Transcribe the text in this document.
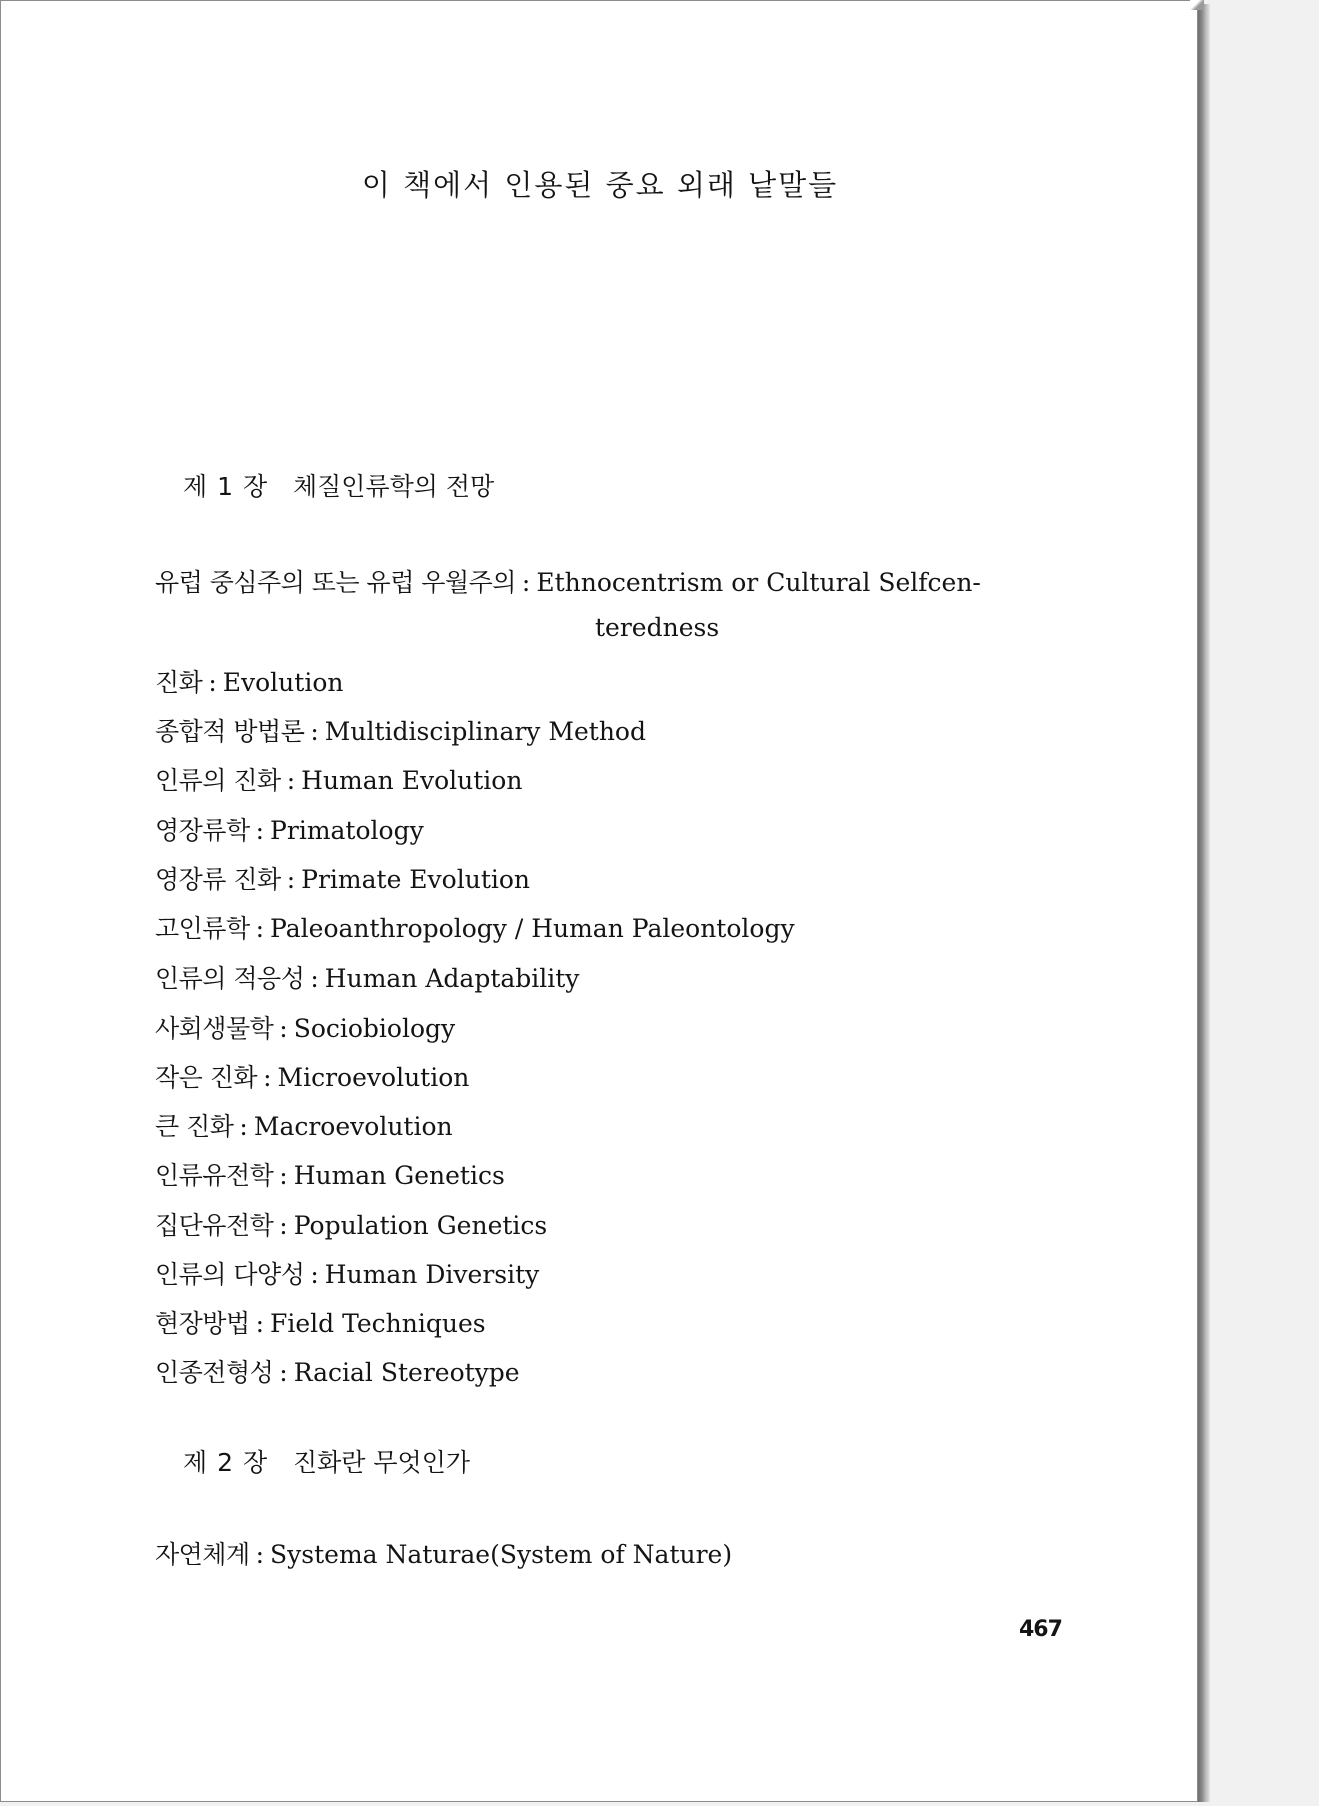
이 책에서 인용된 중요 외래 낱말들
제 1 장 체질인류학의 전망
유럽 중심주의 또는 유럽 우월주의 : Ethnocentrism or Cultural Selfcen-
teredness
진화 : Evolution
종합적 방법론 : Multidisciplinary Method
인류의 진화 : Human Evolution
영장류학 : Primatology
영장류 진화 : Primate Evolution
고인류학 : Paleoanthropology / Human Paleontology
인류의 적응성 : Human Adaptability
사회생물학 : Sociobiology
작은 진화 : Microevolution
큰 진화 : Macroevolution
인류유전학 : Human Genetics
집단유전학 : Population Genetics
인류의 다양성 : Human Diversity
현장방법 : Field Techniques
인종전형성 : Racial Stereotype
제 2 장 진화란 무엇인가
자연체계 : Systema Naturae(System of Nature)
467
